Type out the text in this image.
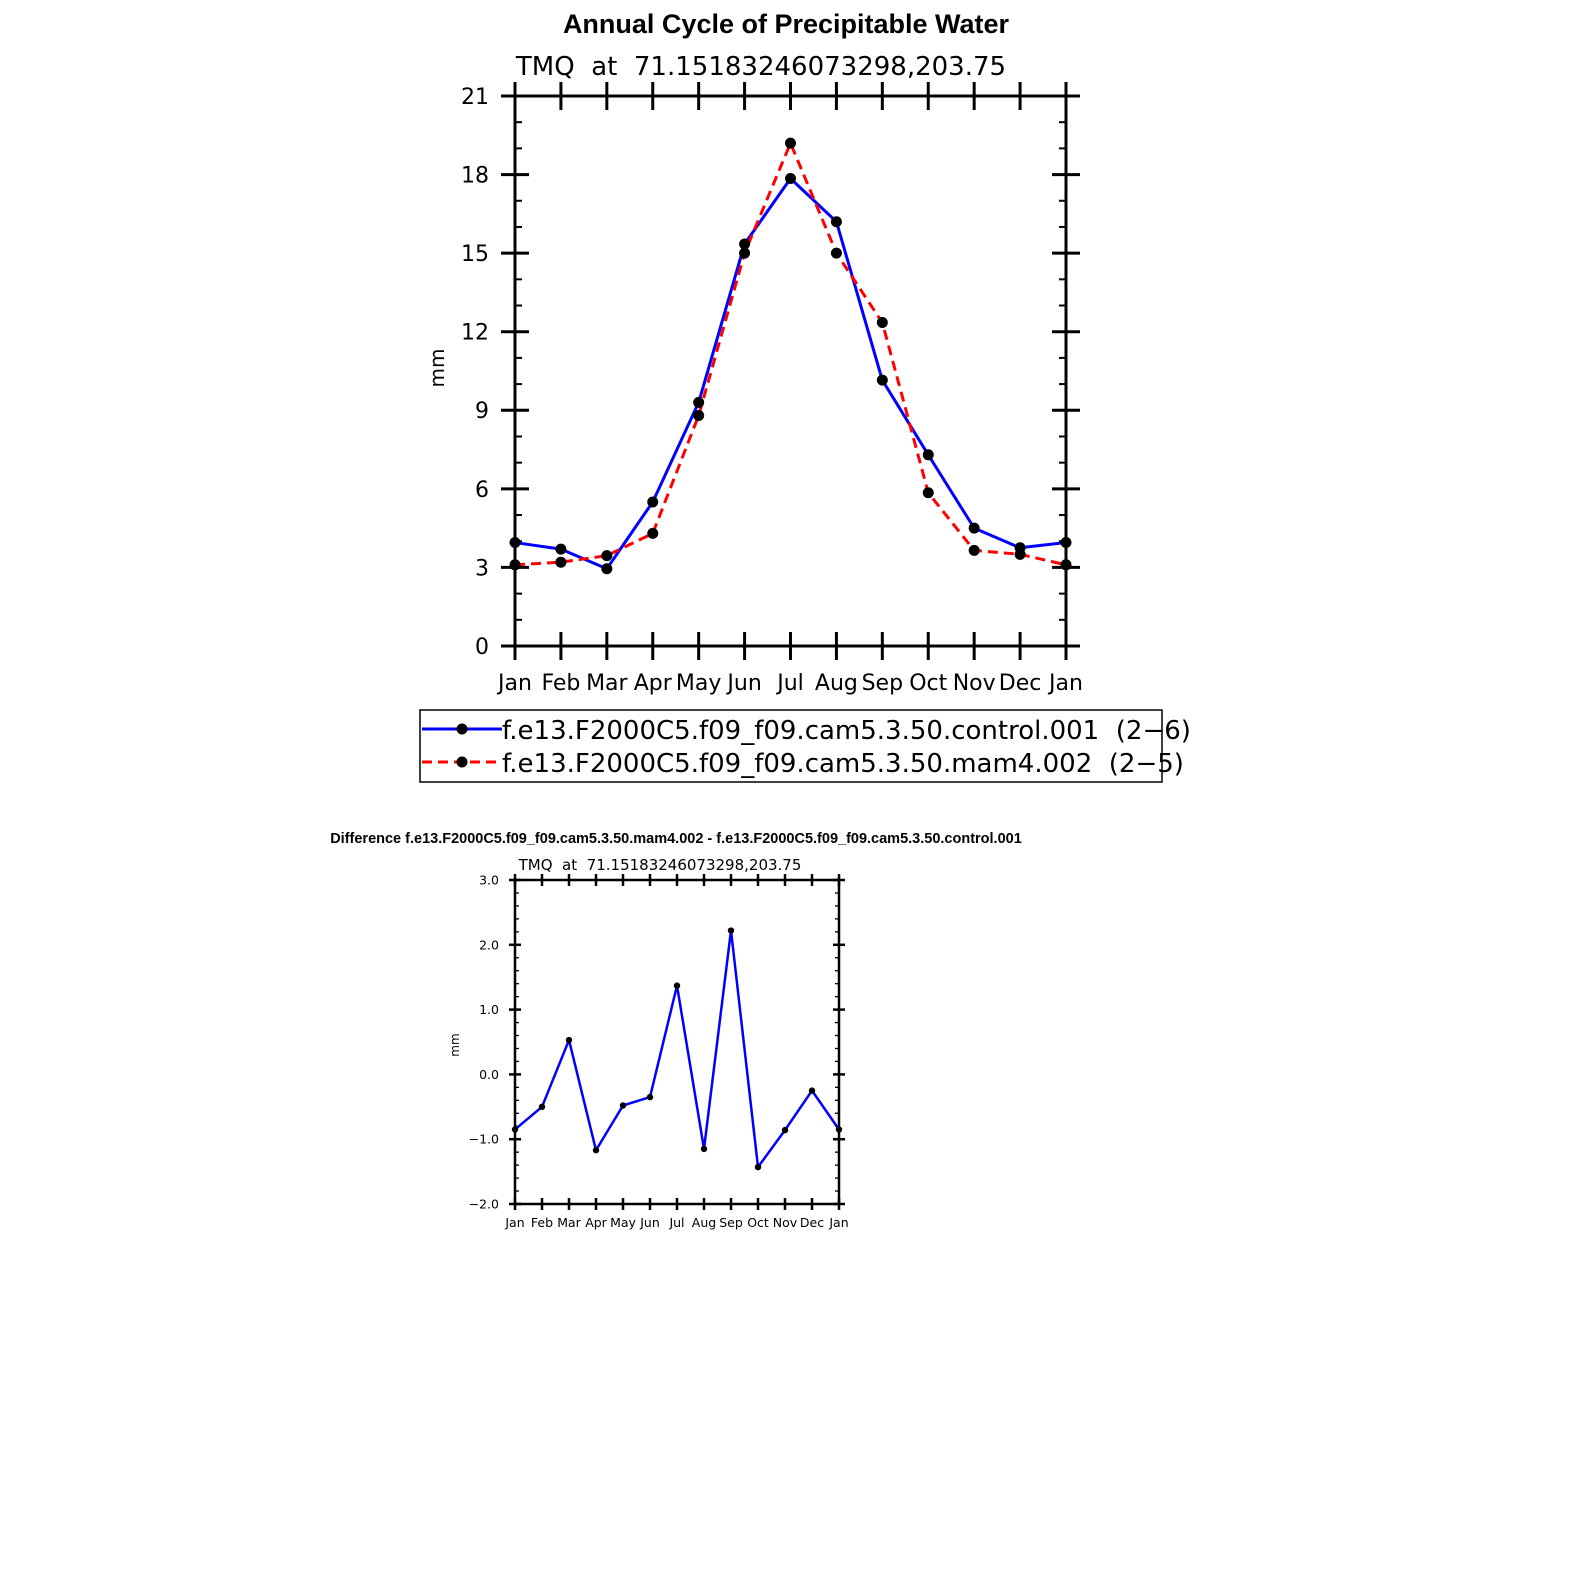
Annual Cycle of Precipitable Water
TMQ  at  71.15183246073298,203.75
mm
0
3
6
9
12
15
18
21
Jan Feb Mar Apr May Jun Jul Aug Sep Oct Nov Dec Jan
f.e13.F2000C5.f09_f09.cam5.3.50.control.001  (2−6)
f.e13.F2000C5.f09_f09.cam5.3.50.mam4.002  (2−5)
Difference f.e13.F2000C5.f09_f09.cam5.3.50.mam4.002 - f.e13.F2000C5.f09_f09.cam5.3.50.control.001
TMQ  at  71.15183246073298,203.75
mm
−2.0
−1.0
0.0
1.0
2.0
3.0
Jan Feb Mar Apr May Jun Jul Aug Sep Oct Nov Dec Jan
